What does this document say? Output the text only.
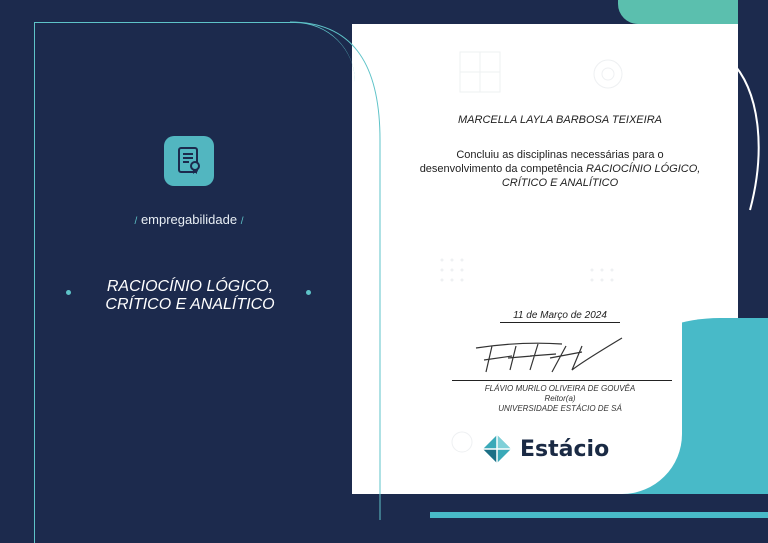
/ empregabilidade /
RACIOCÍNIO LÓGICO,
CRÍTICO E ANALÍTICO
MARCELLA LAYLA BARBOSA TEIXEIRA
Concluiu as disciplinas necessárias para o
desenvolvimento da competência RACIOCÍNIO LÓGICO,
CRÍTICO E ANALÍTICO
11 de Março de 2024
FLÁVIO MURILO OLIVEIRA DE GOUVÊA
Reitor(a)
UNIVERSIDADE ESTÁCIO DE SÁ
Estácio
